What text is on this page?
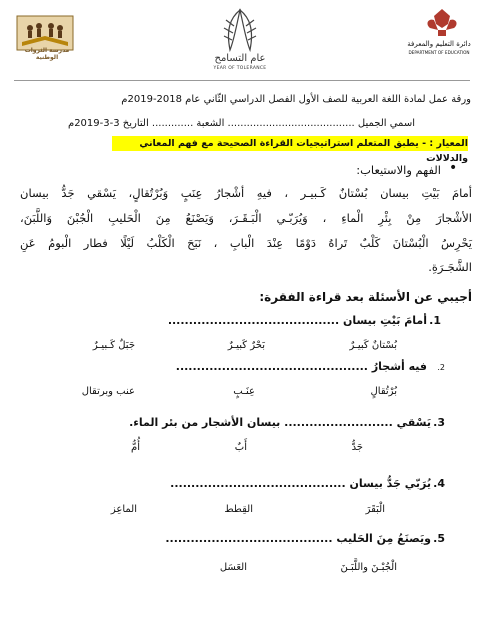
مدرسة الثروات الوطنية	عام التسامح
YEAR OF TOLERANCE
دائرة التعليم والمعرفة
DEPARTMENT OF EDUCATION
ورقة عمل لمادة اللغة العربية للصف الأول الفصل الدراسي الثّاني عام 2018-2019م
اسمي الجميل ........................................ الشعبة ............. التاريخ 3-3-2019م
المعيار : - يطبق المتعلم استراتيجيات القراءة الصحيحة مع فهم المعاني والدلالات
•
الفهم والاستيعاب:
أمامَ بَيْتِ بيسان بُسْتانٌ كَـبيـر ، فيهِ أشْجارُ عِنَبٍ وَبُرْتُقالٍ، يَسْقي جَدُّ بيسان
الأشْجارَ مِنْ بِئْرِ الْماءِ ، وَيُرَبّـي الْبَـقَـرَ، وَيَصْنَعُ مِنَ الْحَليبِ الْجُبْنَ وَاللَّبَنَ،
يَحْرِسُ الْبُسْتانَ كَلْبٌ تَراهُ دَوْمًا عِنْدَ الْبابِ ، نَبَحَ الْكَلْبُ لَيْلًا فطار الْبومُ عَنِ
الشَّجَـرَةِ.
أجيبي عن الأسئلة بعد قراءة الفقرة:
1.
أمامَ بَيْتِ بيسان .........................................
بُسْتانٌ كَبيـرٌ
بَحْرٌ كَبيـرٌ
جَبَلٌ كَـبيـرٌ
2.
فيه أشجارُ ..............................................
بُرْتُقالٍ
عِنَـبٍ
عنب وبرتقال
3.
يَسْقي .......................... بيسان الأشجار من بئر الماء.
جَدُّ
أَبٌ
أُمُّ
4.
يُرَبّي جَدُّ بيسان ..........................................
الْبَقَرَ
القِطط
الماعِز
5.
ويَصنَعُ مِنَ الحَليب ........................................
الْجُبْـنَ واللَّبَـنَ
العَسَل
